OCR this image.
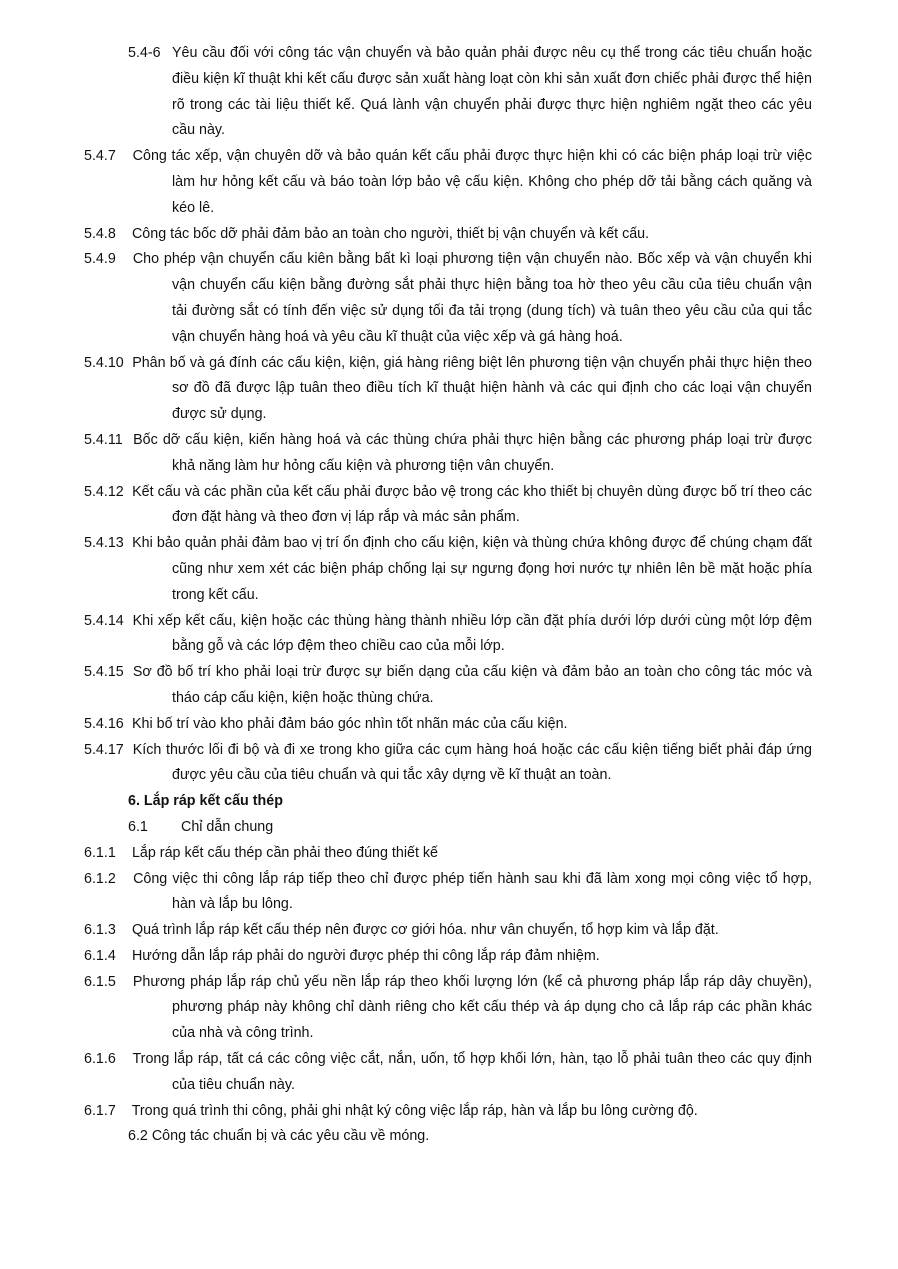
5.4-6 Yêu cầu đối với công tác vận chuyển và bảo quản phải được nêu cụ thể trong các tiêu chuẩn hoặc điều kiện kĩ thuật khi kết cấu được sản xuất hàng loạt còn khi sản xuất đơn chiếc phải được thể hiện rõ trong các tài liệu thiết kế. Quá lành vận chuyển phải được thực hiện nghiêm ngặt theo các yêu cầu này.

5.4.7 Công tác xếp, vận chuyên dỡ và bảo quán kết cấu phải được thực hiện khi có các biện pháp loại trừ việc làm hư hỏng kết cấu và báo toàn lớp bảo vệ cấu kiện. Không cho phép dỡ tải bằng cách quăng và kéo lê.

5.4.8 Công tác bốc dỡ phải đảm bảo an toàn cho người, thiết bị vận chuyển và kết cấu.

5.4.9 Cho phép vận chuyển cấu kiên bằng bất kì loại phương tiện vận chuyển nào. Bốc xếp và vận chuyển khi vận chuyển cấu kiện bằng đường sắt phải thực hiện bằng toa hờ theo yêu cầu của tiêu chuẩn vận tải đường sắt có tính đến việc sử dụng tối đa tải trọng (dung tích) và tuân theo yêu cầu của qui tắc vận chuyển hàng hoá và yêu cầu kĩ thuật của việc xếp và gá hàng hoá.

5.4.10 Phân bố và gá đính các cấu kiện, kiện, giá hàng riêng biệt lên phương tiện vận chuyển phải thực hiện theo sơ đồ đã được lập tuân theo điều tích kĩ thuật hiện hành và các qui định cho các loại vận chuyển được sử dụng.

5.4.11 Bốc dỡ cấu kiện, kiến hàng hoá và các thùng chứa phải thực hiện bằng các phương pháp loại trừ được khả năng làm hư hỏng cấu kiện và phương tiện vân chuyển.

5.4.12 Kết cấu và các phần của kết cấu phải được bảo vệ trong các kho thiết bị chuyên dùng được bố trí theo các đơn đặt hàng và theo đơn vị láp rắp và mác sản phẩm.

5.4.13 Khi bảo quản phải đảm bao vị trí ổn định cho cấu kiện, kiện và thùng chứa không được để chúng chạm đất cũng như xem xét các biện pháp chống lại sự ngưng đọng hơi nước tự nhiên lên bề mặt hoặc phía trong kết cấu.

5.4.14 Khi xếp kết cấu, kiện hoặc các thùng hàng thành nhiều lớp cần đặt phía dưới lớp dưới cùng một lớp đệm bằng gỗ và các lớp đệm theo chiều cao của mỗi lớp.

5.4.15 Sơ đồ bố trí kho phải loại trừ được sự biến dạng của cấu kiện và đảm bảo an toàn cho công tác móc và tháo cáp cấu kiện, kiện hoặc thùng chứa.

5.4.16 Khi bố trí vào kho phải đảm báo góc nhìn tốt nhãn mác của cấu kiện.

5.4.17 Kích thước lối đi bộ và đi xe trong kho giữa các cụm hàng hoá hoặc các cấu kiện tiếng biết phải đáp ứng được yêu cầu của tiêu chuẩn và qui tắc xây dựng về kĩ thuật an toàn.

6. Lắp ráp kết cấu thép

6.1 Chỉ dẫn chung

6.1.1 Lắp ráp kết cấu thép cần phải theo đúng thiết kế

6.1.2 Công việc thi công lắp ráp tiếp theo chỉ được phép tiến hành sau khi đã làm xong mọi công việc tổ hợp, hàn và lắp bu lông.

6.1.3 Quá trình lắp ráp kết cấu thép nên được cơ giới hóa. như vân chuyển, tổ hợp kim và lắp đặt.

6.1.4 Hướng dẫn lắp ráp phải do người được phép thi công lắp ráp đảm nhiệm.

6.1.5 Phương pháp lắp ráp chủ yếu nền lắp ráp theo khối lượng lớn (kể cả phương pháp lắp ráp dây chuyền), phương pháp này không chỉ dành riêng cho kết cấu thép và áp dụng cho cả lắp ráp các phần khác của nhà và công trình.

6.1.6 Trong lắp ráp, tất cá các công việc cắt, nắn, uốn, tổ hợp khối lớn, hàn, tạo lỗ phải tuân theo các quy định của tiêu chuẩn này.

6.1.7 Trong quá trình thi công, phải ghi nhật ký công việc lắp ráp, hàn và lắp bu lông cường độ.

6.2 Công tác chuẩn bị và các yêu cầu về móng.
